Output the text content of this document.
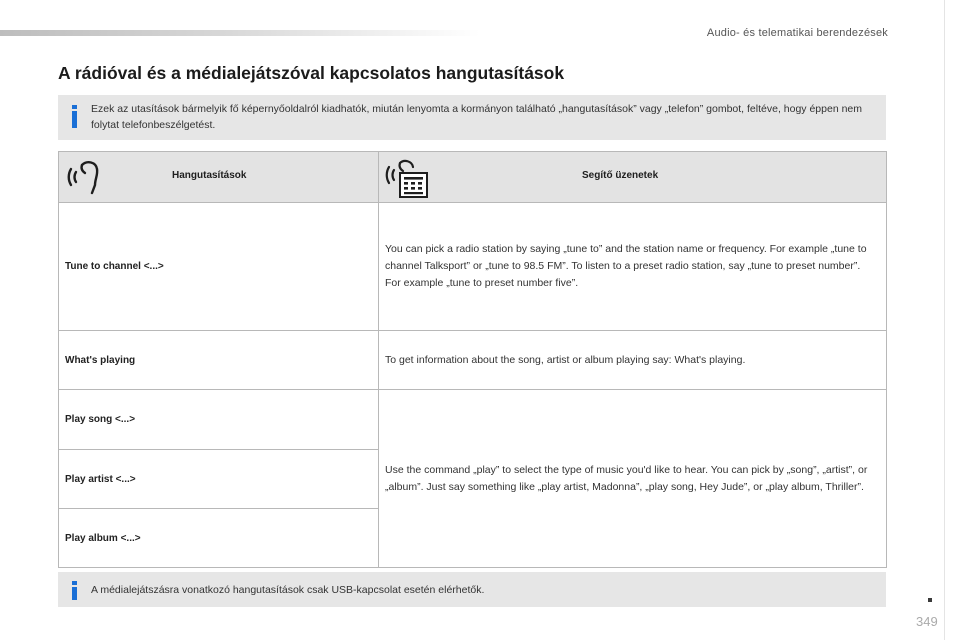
Audio- és telematikai berendezések
A rádióval és a médialejátszóval kapcsolatos hangutasítások
Ezek az utasítások bármelyik fő képernyőoldalról kiadhatók, miután lenyomta a kormányon található „hangutasítások” vagy „telefon” gombot, feltéve, hogy éppen nem folytat telefonbeszélgetést.
Hangutasítások	Segítő üzenetek

Tune to channel <...>	You can pick a radio station by saying „tune to” and the station name or frequency. For example „tune to channel Talksport” or „tune to 98.5 FM”. To listen to a preset radio station, say „tune to preset number”. For example „tune to preset number five”.
What's playing	To get information about the song, artist or album playing say: What's playing.
Play song <...>	Use the command „play” to select the type of music you'd like to hear. You can pick by „song”, „artist”, or „album”. Just say something like „play artist, Madonna”, „play song, Hey Jude”, or „play album, Thriller”.
Play artist <...>	
Play album <...>	
A médialejátszásra vonatkozó hangutasítások csak USB-kapcsolat esetén elérhetők.
349
